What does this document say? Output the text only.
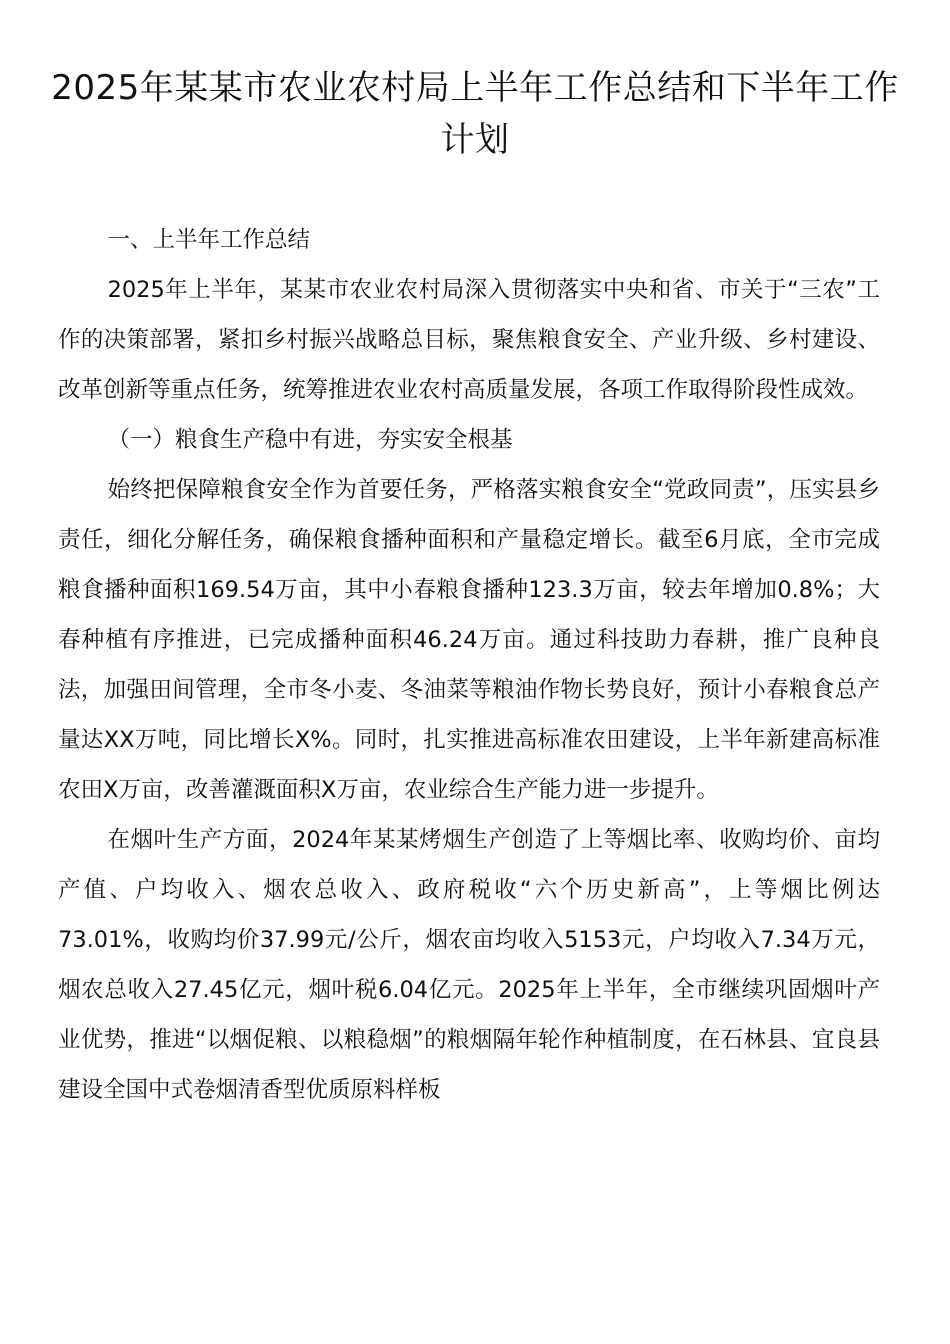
2025年某某市农业农村局上半年工作总结和下半年工作计划

一、上半年工作总结

2025年上半年，某某市农业农村局深入贯彻落实中央和省、市关于“三农”工作的决策部署，紧扣乡村振兴战略总目标，聚焦粮食安全、产业升级、乡村建设、改革创新等重点任务，统筹推进农业农村高质量发展，各项工作取得阶段性成效。

（一）粮食生产稳中有进，夯实安全根基

始终把保障粮食安全作为首要任务，严格落实粮食安全“党政同责”，压实县乡责任，细化分解任务，确保粮食播种面积和产量稳定增长。截至6月底，全市完成粮食播种面积169.54万亩，其中小春粮食播种123.3万亩，较去年增加0.8%；大春种植有序推进，已完成播种面积46.24万亩。通过科技助力春耕，推广良种良法，加强田间管理，全市冬小麦、冬油菜等粮油作物长势良好，预计小春粮食总产量达XX万吨，同比增长X%。同时，扎实推进高标准农田建设，上半年新建高标准农田X万亩，改善灌溉面积X万亩，农业综合生产能力进一步提升。

在烟叶生产方面，2024年某某烤烟生产创造了上等烟比率、收购均价、亩均产值、户均收入、烟农总收入、政府税收“六个历史新高”，上等烟比例达73.01%，收购均价37.99元/公斤，烟农亩均收入5153元，户均收入7.34万元，烟农总收入27.45亿元，烟叶税6.04亿元。2025年上半年，全市继续巩固烟叶产业优势，推进“以烟促粮、以粮稳烟”的粮烟隔年轮作种植制度，在石林县、宜良县建设全国中式卷烟清香型优质原料样板
